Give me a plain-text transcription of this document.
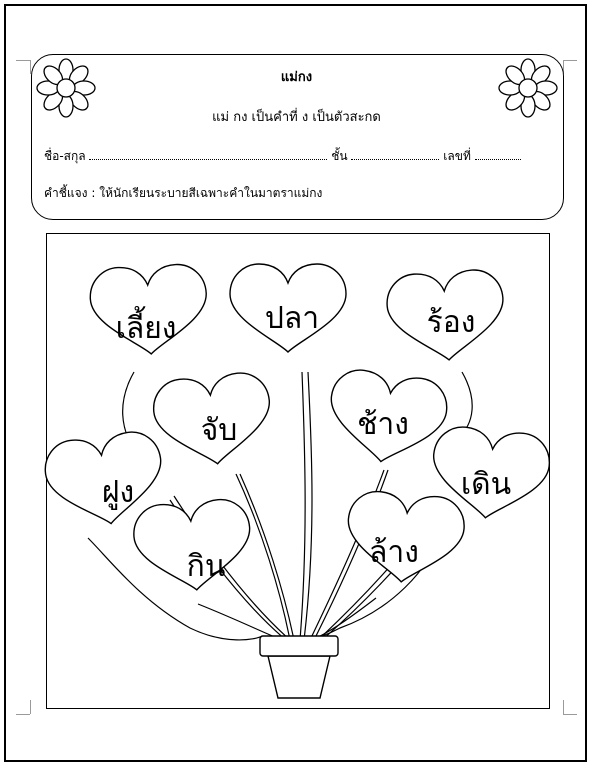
แม่กง
แม่ กง เป็นคำที่ ง เป็นตัวสะกด
ชื่อ-สกุล	ชั้น	เลขที่
คำชี้แจง : ให้นักเรียนระบายสีเฉพาะคำในมาตราแม่กง
เลี้ยง	ปลา	ร้อง
จับ	ช้าง
ฝูง	เดิน
กิน	ล้าง
